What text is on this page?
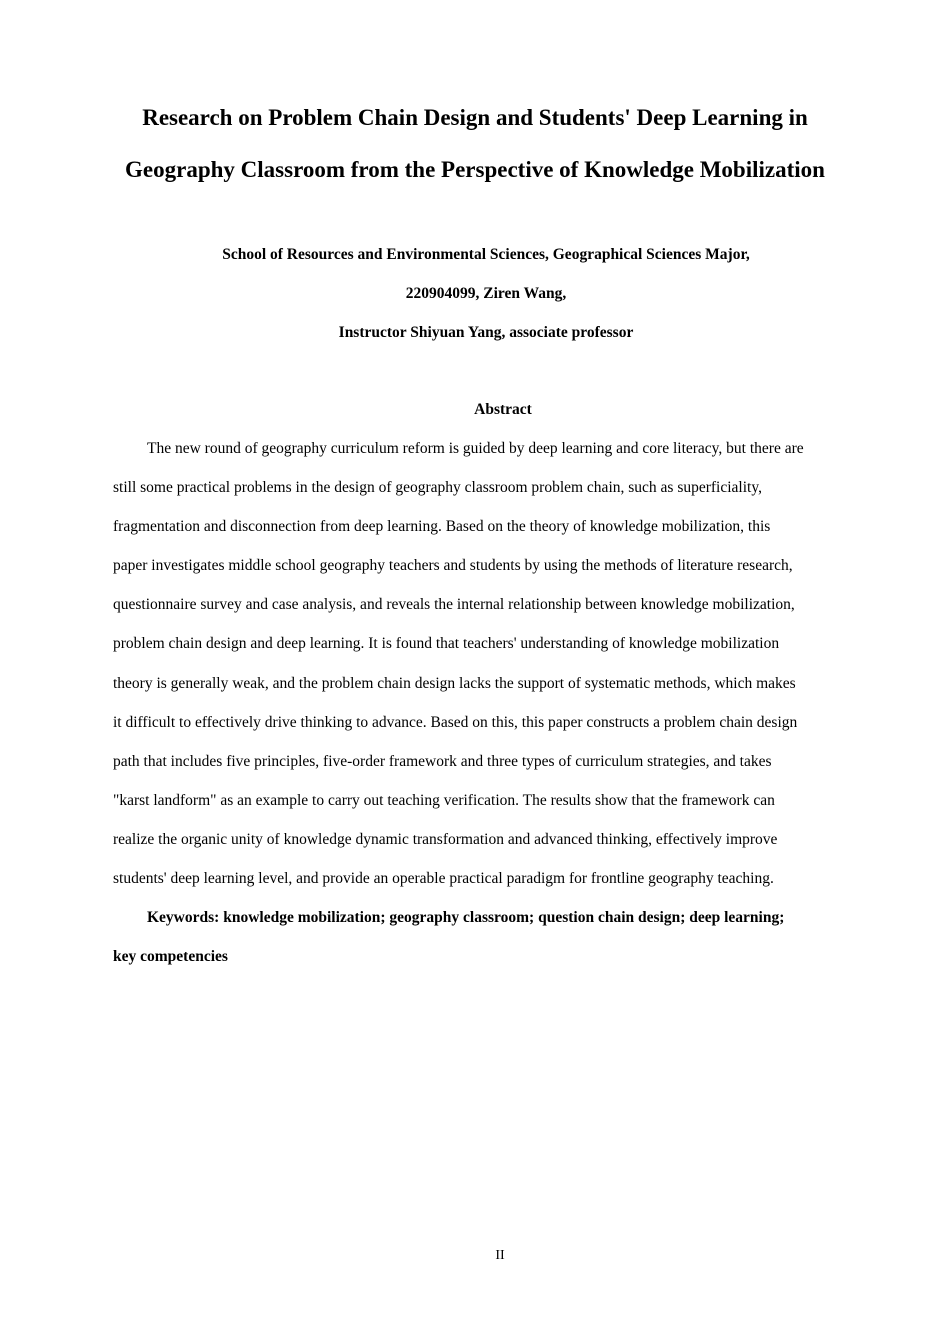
Research on Problem Chain Design and Students' Deep Learning in
Geography Classroom from the Perspective of Knowledge Mobilization
School of Resources and Environmental Sciences, Geographical Sciences Major,
220904099, Ziren Wang,
Instructor Shiyuan Yang, associate professor
Abstract

The new round of geography curriculum reform is guided by deep learning and core literacy, but there are
still some practical problems in the design of geography classroom problem chain, such as superficiality,
fragmentation and disconnection from deep learning. Based on the theory of knowledge mobilization, this
paper investigates middle school geography teachers and students by using the methods of literature research,
questionnaire survey and case analysis, and reveals the internal relationship between knowledge mobilization,
problem chain design and deep learning. It is found that teachers' understanding of knowledge mobilization
theory is generally weak, and the problem chain design lacks the support of systematic methods, which makes
it difficult to effectively drive thinking to advance. Based on this, this paper constructs a problem chain design
path that includes five principles, five-order framework and three types of curriculum strategies, and takes
"karst landform" as an example to carry out teaching verification. The results show that the framework can
realize the organic unity of knowledge dynamic transformation and advanced thinking, effectively improve
students' deep learning level, and provide an operable practical paradigm for frontline geography teaching.

Keywords: knowledge mobilization; geography classroom; question chain design; deep learning;
key competencies

II
